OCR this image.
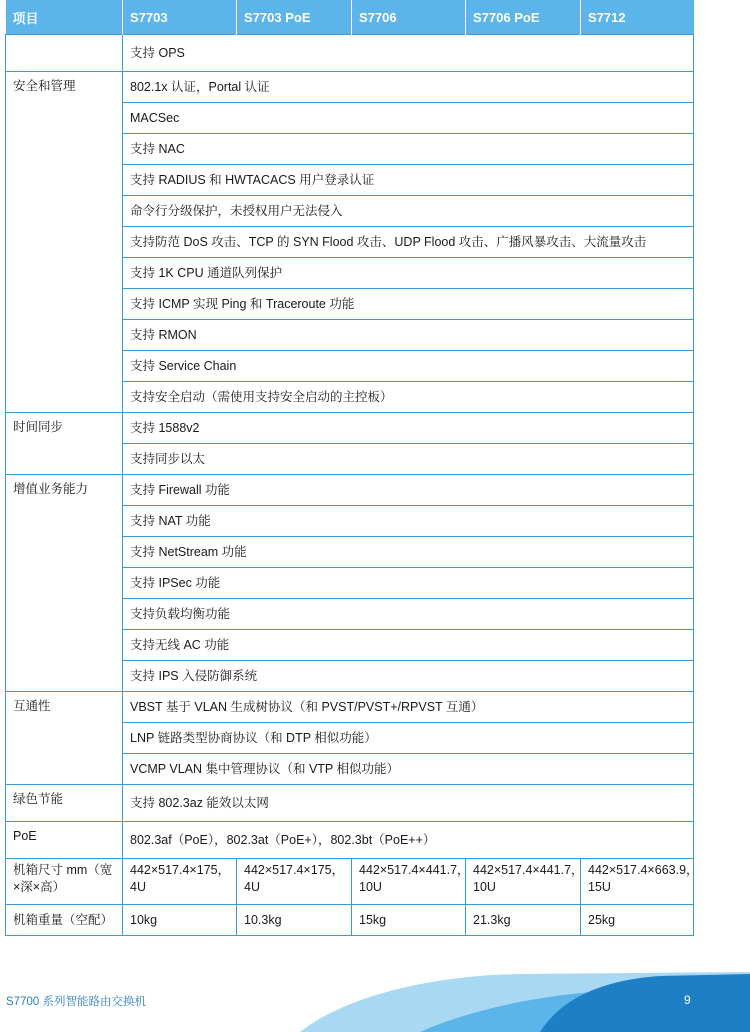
项目	S7703	S7703 PoE	S7706	S7706 PoE	S7712
	支持 OPS				
安全和管理	802.1x 认证，Portal 认证				
	MACSec				
	支持 NAC				
	支持 RADIUS 和 HWTACACS 用户登录认证				
	命令行分级保护，未授权用户无法侵入				
	支持防范 DoS 攻击、TCP 的 SYN Flood 攻击、UDP Flood 攻击、广播风暴攻击、大流量攻击				
	支持 1K CPU 通道队列保护				
	支持 ICMP 实现 Ping 和 Traceroute 功能				
	支持 RMON				
	支持 Service Chain				
	支持安全启动（需使用支持安全启动的主控板）				
时间同步	支持 1588v2				
	支持同步以太				
增值业务能力	支持 Firewall 功能				
	支持 NAT 功能				
	支持 NetStream 功能				
	支持 IPSec 功能				
	支持负载均衡功能				
	支持无线 AC 功能				
	支持 IPS 入侵防御系统				
互通性	VBST 基于 VLAN 生成树协议（和 PVST/PVST+/RPVST 互通）				
	LNP 链路类型协商协议（和 DTP 相似功能）				
	VCMP VLAN 集中管理协议（和 VTP 相似功能）				
绿色节能	支持 802.3az 能效以太网				
PoE	802.3af（PoE），802.3at（PoE+），802.3bt（PoE++）				
机箱尺寸 mm（宽×深×高）	442×517.4×175，4U	442×517.4×175，4U	442×517.4×441.7，10U	442×517.4×441.7，10U	442×517.4×663.9，15U
机箱重量（空配）	10kg	10.3kg	15kg	21.3kg	25kg
S7700 系列智能路由交换机	9
